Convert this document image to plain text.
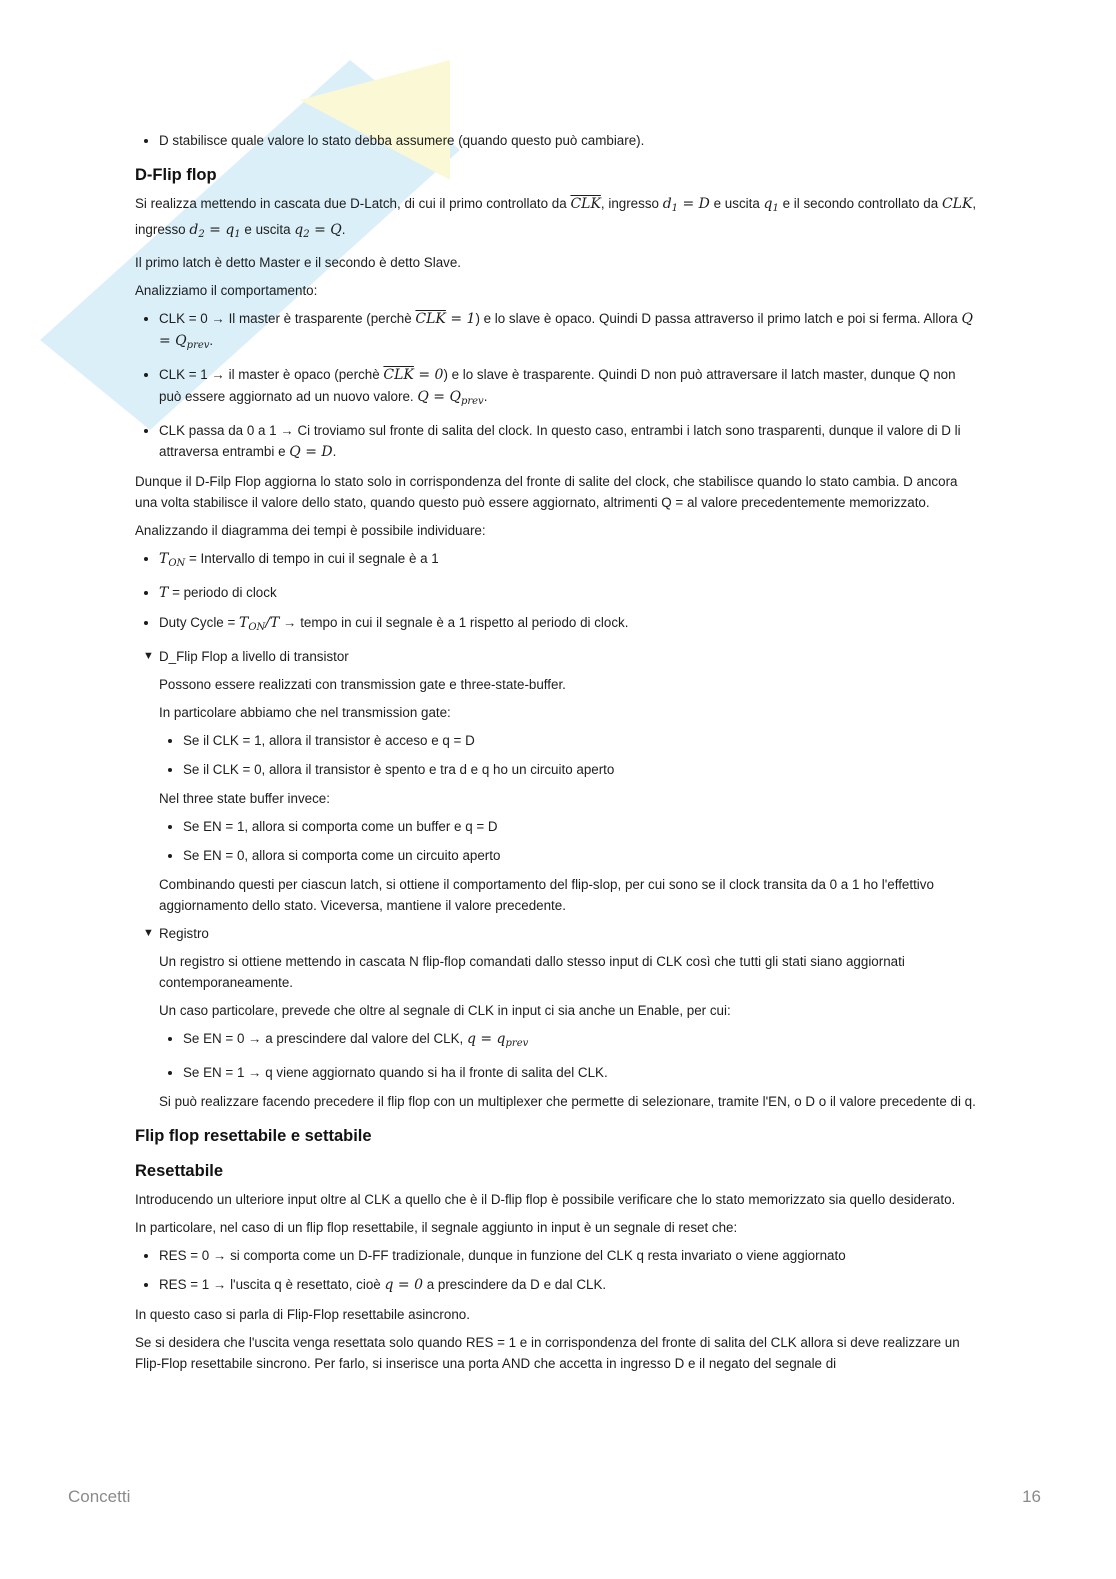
• D stabilisce quale valore lo stato debba assumere (quando questo può cambiare).
D-Flip flop

Si realizza mettendo in cascata due D-Latch, di cui il primo controllato da $\overline{CLK}$, ingresso $d_1 = D$ e uscita $q_1$ e il secondo controllato da CLK, ingresso $d_2 = q_1$ e uscita $q_2 = Q$.

Il primo latch è detto Master e il secondo è detto Slave.

Analizziamo il comportamento:

• CLK = 0 → Il master è trasparente (perchè $\overline{CLK} = 1$) e lo slave è opaco. Quindi D passa attraverso il primo latch e poi si ferma. Allora $Q = Q_{prev}$.
• CLK = 1 → il master è opaco (perchè $\overline{CLK} = 0$) e lo slave è trasparente. Quindi D non può attraversare il latch master, dunque Q non può essere aggiornato ad un nuovo valore. $Q = Q_{prev}$.
• CLK passa da 0 a 1 → Ci troviamo sul fronte di salita del clock. In questo caso, entrambi i latch sono trasparenti, dunque il valore di D li attraversa entrambi e Q = D.

Dunque il D-Filp Flop aggiorna lo stato solo in corrispondenza del fronte di salite del clock, che stabilisce quando lo stato cambia. D ancora una volta stabilisce il valore dello stato, quando questo può essere aggiornato, altrimenti Q = al valore precedentemente memorizzato.

Analizzando il diagramma dei tempi è possibile individuare:

• $T_{ON}$ = Intervallo di tempo in cui il segnale è a 1
• T = periodo di clock
• Duty Cycle = $T_{ON}/T$ → tempo in cui il segnale è a 1 rispetto al periodo di clock.
▼ D_Flip Flop a livello di transistor

Possono essere realizzati con transmission gate e three-state-buffer.

In particolare abbiamo che nel transmission gate:

• Se il CLK = 1, allora il transistor è acceso e q = D
• Se il CLK = 0, allora il transistor è spento e tra d e q ho un circuito aperto

Nel three state buffer invece:

• Se EN = 1, allora si comporta come un buffer e q = D
• Se EN = 0, allora si comporta come un circuito aperto

Combinando questi per ciascun latch, si ottiene il comportamento del flip-slop, per cui sono se il clock transita da 0 a 1 ho l'effettivo aggiornamento dello stato. Viceversa, mantiene il valore precedente.

▼ Registro

Un registro si ottiene mettendo in cascata N flip-flop comandati dallo stesso input di CLK così che tutti gli stati siano aggiornati contemporaneamente.

Un caso particolare, prevede che oltre al segnale di CLK in input ci sia anche un Enable, per cui:

• Se EN = 0 → a prescindere dal valore del CLK, $q = q_{prev}$
• Se EN = 1 → q viene aggiornato quando si ha il fronte di salita del CLK.

Si può realizzare facendo precedere il flip flop con un multiplexer che permette di selezionare, tramite l'EN, o D o il valore precedente di q.

Flip flop resettabile e settabile
Resettabile

Introducendo un ulteriore input oltre al CLK a quello che è il D-flip flop è possibile verificare che lo stato memorizzato sia quello desiderato.

In particolare, nel caso di un flip flop resettabile, il segnale aggiunto in input è un segnale di reset che:

• RES = 0 → si comporta come un D-FF tradizionale, dunque in funzione del CLK q resta invariato o viene aggiornato
• RES = 1 → l'uscita q è resettato, cioè q = 0 a prescindere da D e dal CLK.

In questo caso si parla di Flip-Flop resettabile asincrono.

Se si desidera che l'uscita venga resettata solo quando RES = 1 e in corrispondenza del fronte di salita del CLK allora si deve realizzare un Flip-Flop resettabile sincrono. Per farlo, si inserisce una porta AND che accetta in ingresso D e il negato del segnale di

Concetti	16
